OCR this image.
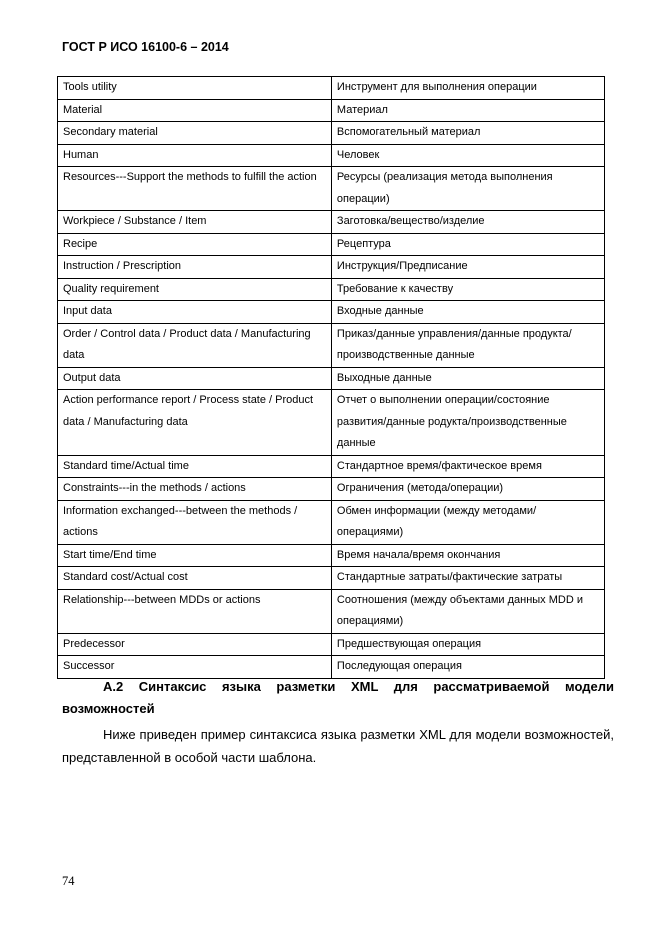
ГОСТ Р ИСО 16100-6 – 2014
Tools utility	Инструмент для выполнения операции
Material	Материал
Secondary material	Вспомогательный материал
Human	Человек
Resources---Support the methods to fulfill the action	Ресурсы (реализация метода выполнения операции)
Workpiece / Substance / Item	Заготовка/вещество/изделие
Recipe	Рецептура
Instruction / Prescription	Инструкция/Предписание
Quality requirement	Требование к качеству
Input data	Входные данные
Order / Control data / Product data / Manufacturing data	Приказ/данные управления/данные продукта/производственные данные
Output data	Выходные данные
Action performance report / Process state / Product data / Manufacturing data	Отчет о выполнении операции/состояние развития/данные родукта/производственные данные
Standard time/Actual time	Стандартное время/фактическое время
Constraints---in the methods / actions	Ограничения (метода/операции)
Information exchanged---between the methods / actions	Обмен информации (между методами/операциями)
Start time/End time	Время начала/время окончания
Standard cost/Actual cost	Стандартные затраты/фактические затраты
Relationship---between MDDs or actions	Соотношения (между объектами данных MDD и операциями)
Predecessor	Предшествующая операция
Successor	Последующая операция
А.2 Синтаксис языка разметки XML для рассматриваемой модели возможностей
Ниже приведен пример синтаксиса языка разметки XML для модели возможностей, представленной в особой части шаблона.
74
